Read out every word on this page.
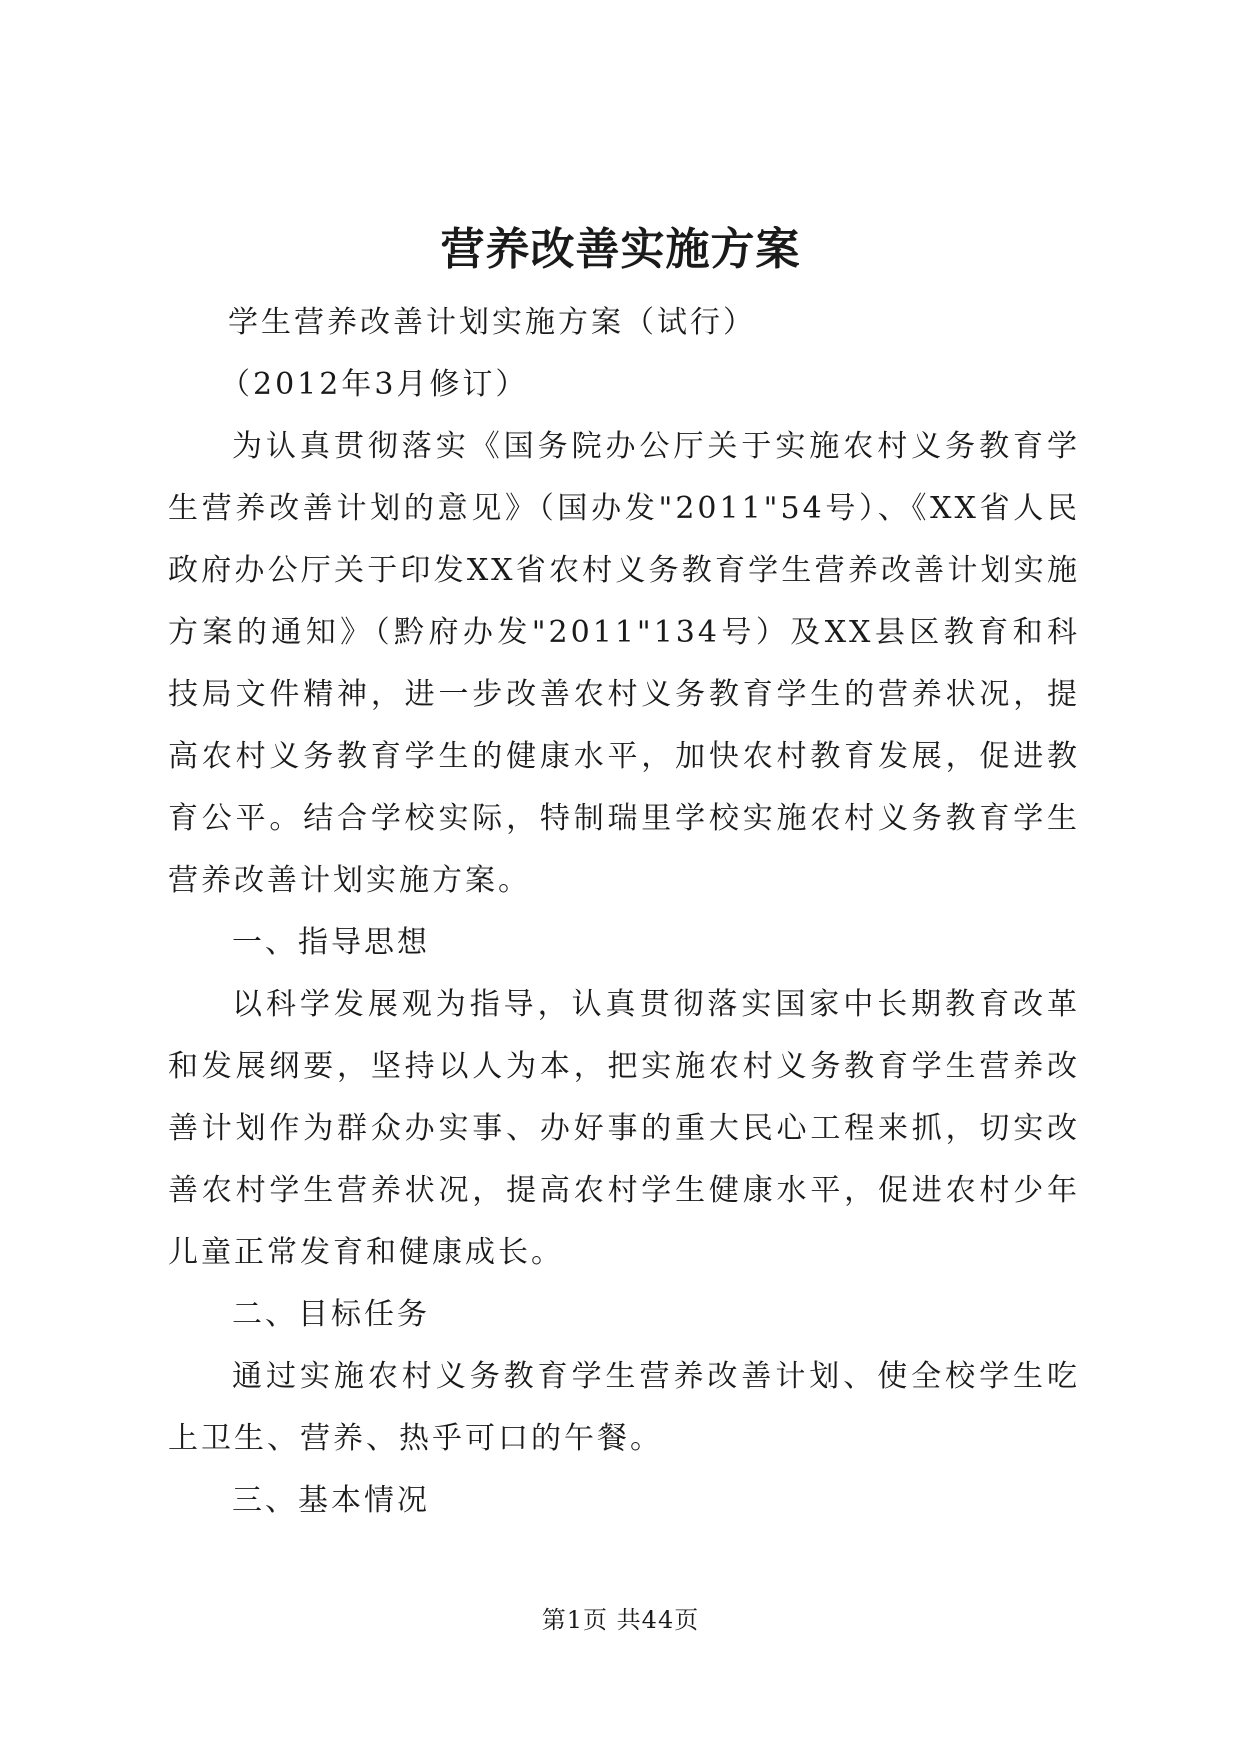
营养改善实施方案

学生营养改善计划实施方案（试行）

（2012年3月修订）

为认真贯彻落实《国务院办公厅关于实施农村义务教育学生营养改善计划的意见》（国办发"2011"54号）、《XX省人民政府办公厅关于印发XX省农村义务教育学生营养改善计划实施方案的通知》（黔府办发"2011"134号）及XX县区教育和科技局文件精神，进一步改善农村义务教育学生的营养状况，提高农村义务教育学生的健康水平，加快农村教育发展，促进教育公平。结合学校实际，特制瑞里学校实施农村义务教育学生营养改善计划实施方案。

一、指导思想

以科学发展观为指导，认真贯彻落实国家中长期教育改革和发展纲要，坚持以人为本，把实施农村义务教育学生营养改善计划作为群众办实事、办好事的重大民心工程来抓，切实改善农村学生营养状况，提高农村学生健康水平，促进农村少年儿童正常发育和健康成长。

二、目标任务

通过实施农村义务教育学生营养改善计划、使全校学生吃上卫生、营养、热乎可口的午餐。

三、基本情况

第1页 共44页
